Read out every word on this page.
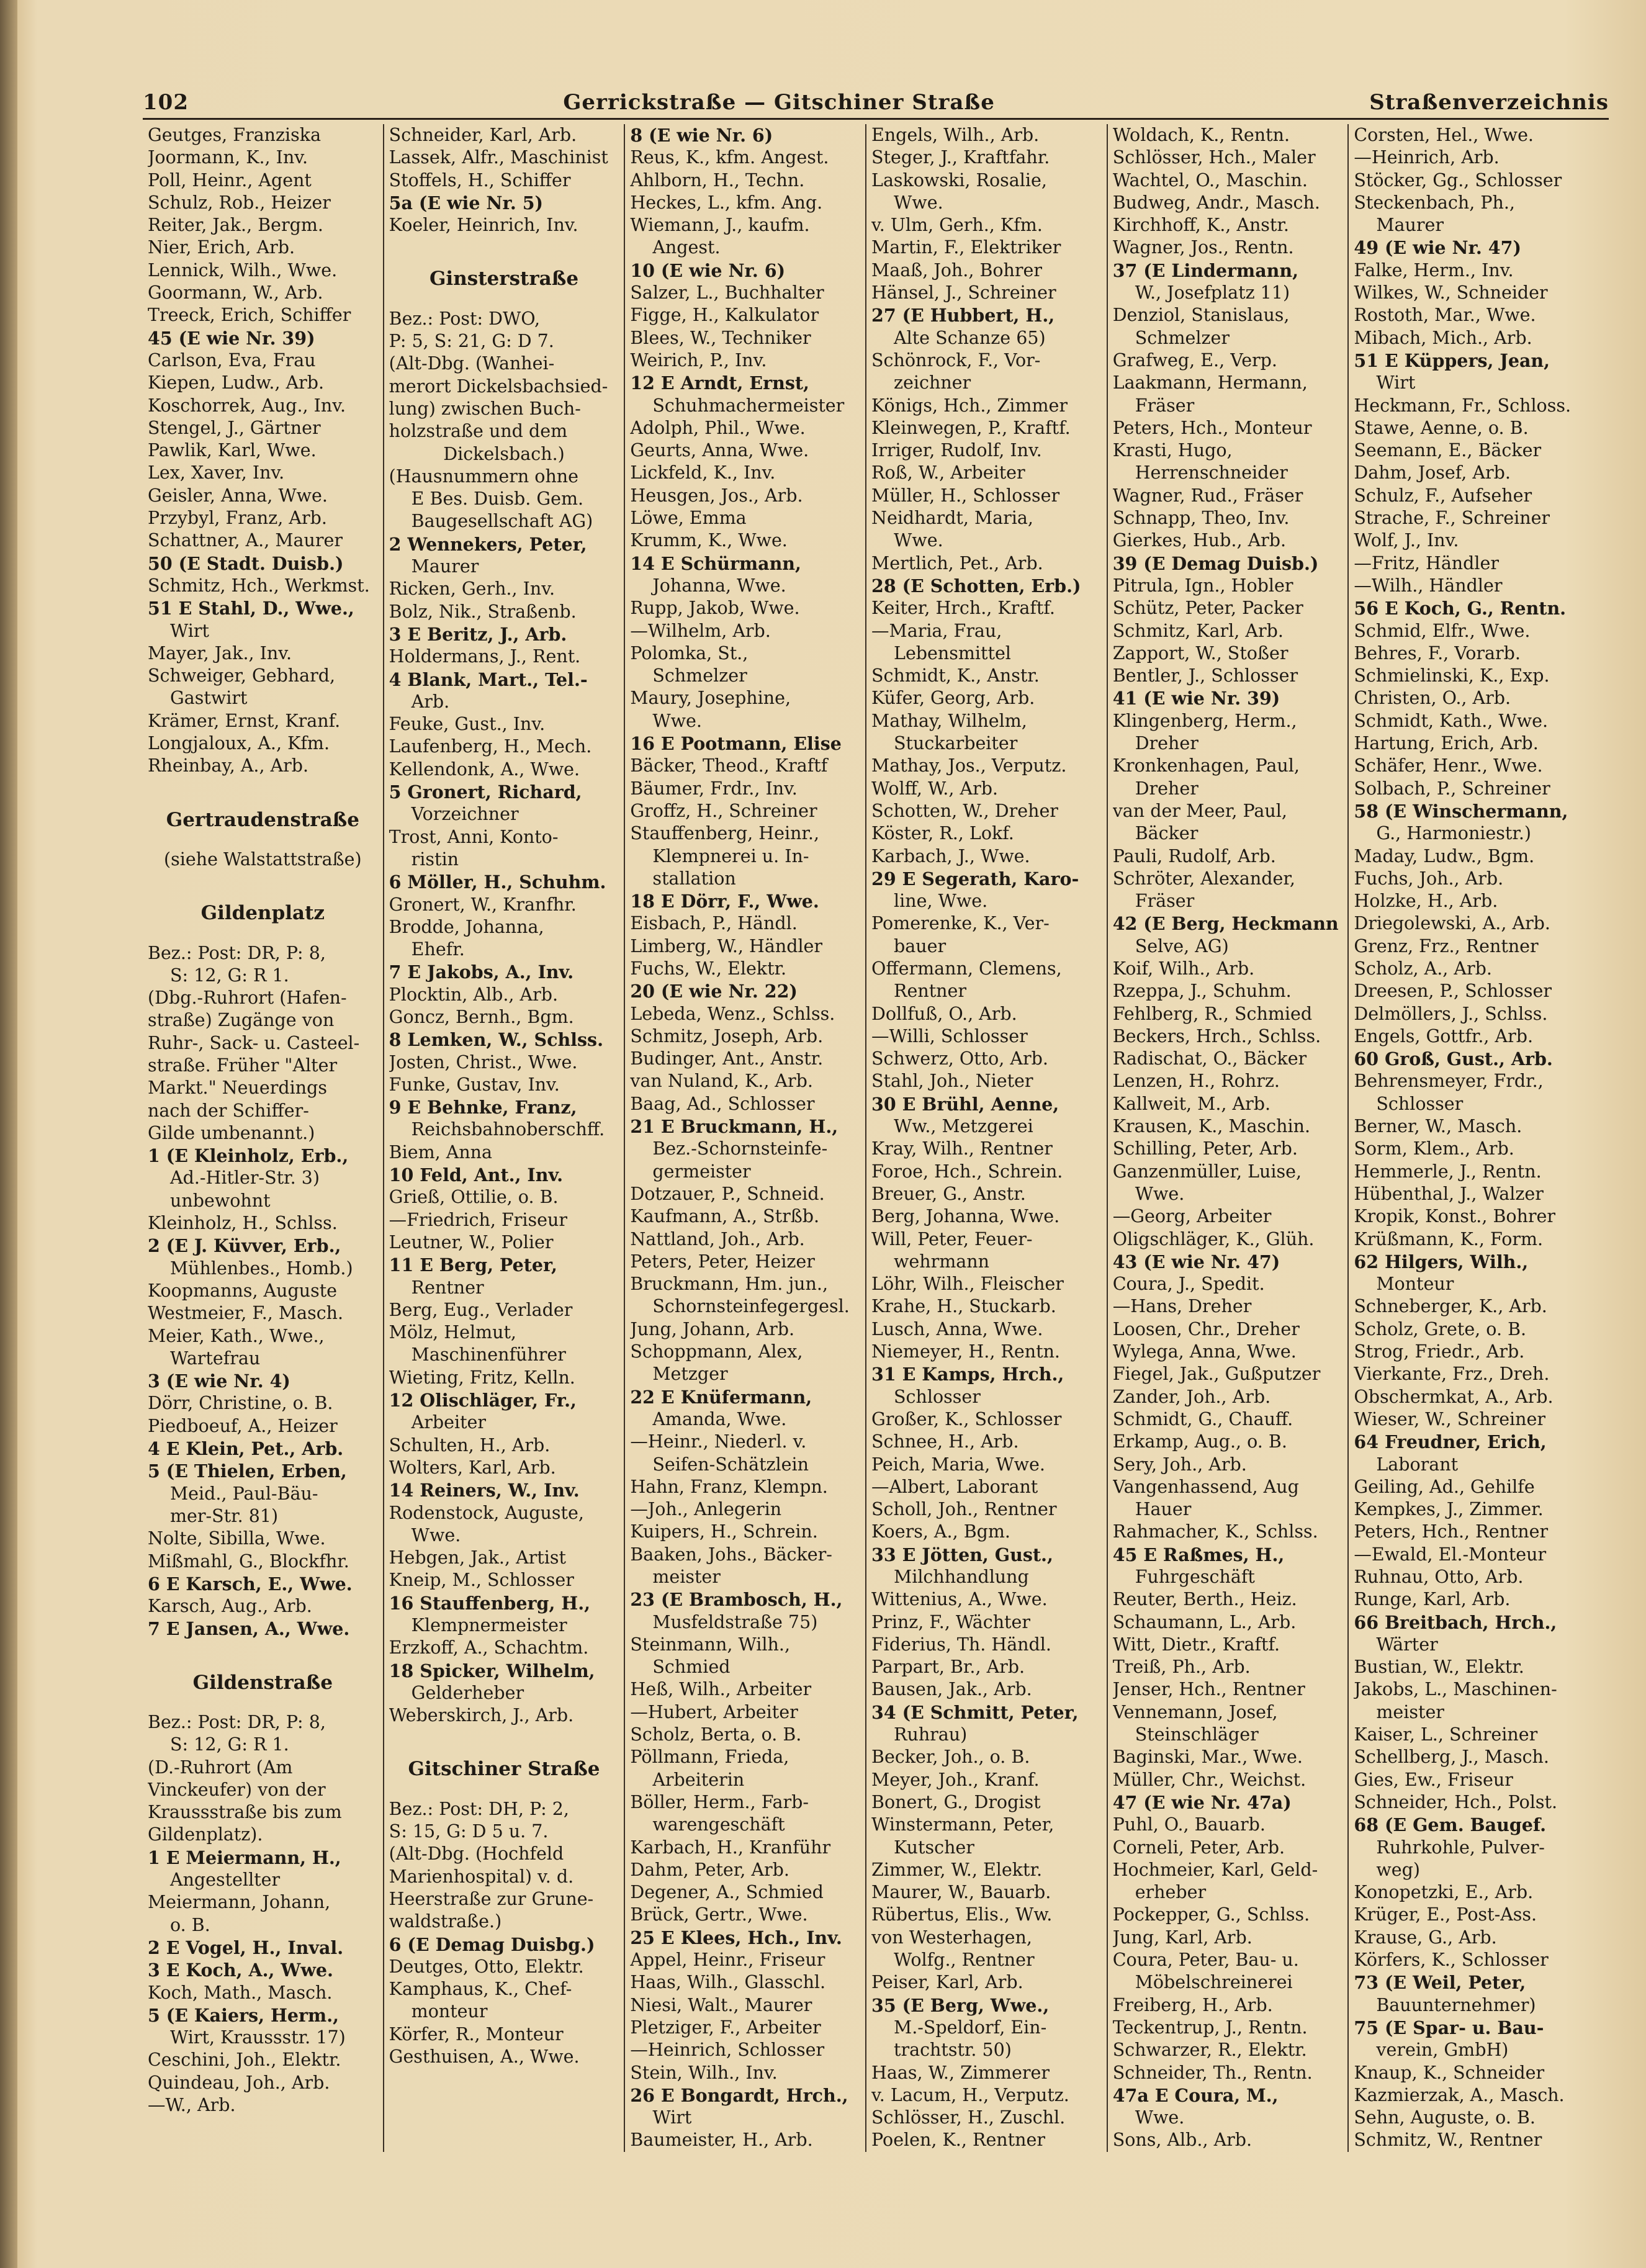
102	Gerrickstraße — Gitschiner Straße	Straßenverzeichnis
Geutges, Franziska
Joormann, K., Inv.
Poll, Heinr., Agent
Schulz, Rob., Heizer
Reiter, Jak., Bergm.
Nier, Erich, Arb.
Lennick, Wilh., Wwe.
Goormann, W., Arb.
Treeck, Erich, Schiffer
45 (E wie Nr. 39)
Carlson, Eva, Frau
Kiepen, Ludw., Arb.
Koschorrek, Aug., Inv.
Stengel, J., Gärtner
Pawlik, Karl, Wwe.
Lex, Xaver, Inv.
Geisler, Anna, Wwe.
Przybyl, Franz, Arb.
Schattner, A., Maurer
50 (E Stadt. Duisb.)
Schmitz, Hch., Werkmst.
51 E Stahl, D., Wwe.,
Wirt
Mayer, Jak., Inv.
Schweiger, Gebhard,
Gastwirt
Krämer, Ernst, Kranf.
Longjaloux, A., Kfm.
Rheinbay, A., Arb.
Gertraudenstraße
(siehe Walstattstraße)
Gildenplatz
Bez.: Post: DR, P: 8,
S: 12, G: R 1.
(Dbg.-Ruhrort (Hafen-
straße) Zugänge von
Ruhr-, Sack- u. Casteel-
straße. Früher "Alter
Markt." Neuerdings
nach der Schiffer-
Gilde umbenannt.)
1 (E Kleinholz, Erb.,
Ad.-Hitler-Str. 3)
unbewohnt
Kleinholz, H., Schlss.
2 (E J. Küvver, Erb.,
Mühlenbes., Homb.)
Koopmanns, Auguste
Westmeier, F., Masch.
Meier, Kath., Wwe.,
Wartefrau
3 (E wie Nr. 4)
Dörr, Christine, o. B.
Piedboeuf, A., Heizer
4 E Klein, Pet., Arb.
5 (E Thielen, Erben,
Meid., Paul-Bäu-
mer-Str. 81)
Nolte, Sibilla, Wwe.
Mißmahl, G., Blockfhr.
6 E Karsch, E., Wwe.
Karsch, Aug., Arb.
7 E Jansen, A., Wwe.
Gildenstraße
Bez.: Post: DR, P: 8,
S: 12, G: R 1.
(D.-Ruhrort (Am
Vinckeufer) von der
Kraussstraße bis zum
Gildenplatz).
1 E Meiermann, H.,
Angestellter
Meiermann, Johann,
o. B.
2 E Vogel, H., Inval.
3 E Koch, A., Wwe.
Koch, Math., Masch.
5 (E Kaiers, Herm.,
Wirt, Kraussstr. 17)
Ceschini, Joh., Elektr.
Quindeau, Joh., Arb.
—W., Arb.
Schneider, Karl, Arb.
Lassek, Alfr., Maschinist
Stoffels, H., Schiffer
5a (E wie Nr. 5)
Koeler, Heinrich, Inv.
Ginsterstraße
Bez.: Post: DWO,
P: 5, S: 21, G: D 7.
(Alt-Dbg. (Wanhei-
merort Dickelsbachsied-
lung) zwischen Buch-
holzstraße und dem
Dickelsbach.)
(Hausnummern ohne
E Bes. Duisb. Gem.
Baugesellschaft AG)
2 Wennekers, Peter,
Maurer
Ricken, Gerh., Inv.
Bolz, Nik., Straßenb.
3 E Beritz, J., Arb.
Holdermans, J., Rent.
4 Blank, Mart., Tel.-
Arb.
Feuke, Gust., Inv.
Laufenberg, H., Mech.
Kellendonk, A., Wwe.
5 Gronert, Richard,
Vorzeichner
Trost, Anni, Konto-
ristin
6 Möller, H., Schuhm.
Gronert, W., Kranfhr.
Brodde, Johanna,
Ehefr.
7 E Jakobs, A., Inv.
Plocktin, Alb., Arb.
Goncz, Bernh., Bgm.
8 Lemken, W., Schlss.
Josten, Christ., Wwe.
Funke, Gustav, Inv.
9 E Behnke, Franz,
Reichsbahnoberschff.
Biem, Anna
10 Feld, Ant., Inv.
Grieß, Ottilie, o. B.
—Friedrich, Friseur
Leutner, W., Polier
11 E Berg, Peter,
Rentner
Berg, Eug., Verlader
Mölz, Helmut,
Maschinenführer
Wieting, Fritz, Kelln.
12 Olischläger, Fr.,
Arbeiter
Schulten, H., Arb.
Wolters, Karl, Arb.
14 Reiners, W., Inv.
Rodenstock, Auguste,
Wwe.
Hebgen, Jak., Artist
Kneip, M., Schlosser
16 Stauffenberg, H.,
Klempnermeister
Erzkoff, A., Schachtm.
18 Spicker, Wilhelm,
Gelderheber
Weberskirch, J., Arb.
Gitschiner Straße
Bez.: Post: DH, P: 2,
S: 15, G: D 5 u. 7.
(Alt-Dbg. (Hochfeld
Marienhospital) v. d.
Heerstraße zur Grune-
waldstraße.)
6 (E Demag Duisbg.)
Deutges, Otto, Elektr.
Kamphaus, K., Chef-
monteur
Körfer, R., Monteur
Gesthuisen, A., Wwe.
8 (E wie Nr. 6)
Reus, K., kfm. Angest.
Ahlborn, H., Techn.
Heckes, L., kfm. Ang.
Wiemann, J., kaufm.
Angest.
10 (E wie Nr. 6)
Salzer, L., Buchhalter
Figge, H., Kalkulator
Blees, W., Techniker
Weirich, P., Inv.
12 E Arndt, Ernst,
Schuhmachermeister
Adolph, Phil., Wwe.
Geurts, Anna, Wwe.
Lickfeld, K., Inv.
Heusgen, Jos., Arb.
Löwe, Emma
Krumm, K., Wwe.
14 E Schürmann,
Johanna, Wwe.
Rupp, Jakob, Wwe.
—Wilhelm, Arb.
Polomka, St.,
Schmelzer
Maury, Josephine,
Wwe.
16 E Pootmann, Elise
Bäcker, Theod., Kraftf
Bäumer, Frdr., Inv.
Groffz, H., Schreiner
Stauffenberg, Heinr.,
Klempnerei u. In-
stallation
18 E Dörr, F., Wwe.
Eisbach, P., Händl.
Limberg, W., Händler
Fuchs, W., Elektr.
20 (E wie Nr. 22)
Lebeda, Wenz., Schlss.
Schmitz, Joseph, Arb.
Budinger, Ant., Anstr.
van Nuland, K., Arb.
Baag, Ad., Schlosser
21 E Bruckmann, H.,
Bez.-Schornsteinfe-
germeister
Dotzauer, P., Schneid.
Kaufmann, A., Strßb.
Nattland, Joh., Arb.
Peters, Peter, Heizer
Bruckmann, Hm. jun.,
Schornsteinfegergesl.
Jung, Johann, Arb.
Schoppmann, Alex,
Metzger
22 E Knüfermann,
Amanda, Wwe.
—Heinr., Niederl. v.
Seifen-Schätzlein
Hahn, Franz, Klempn.
—Joh., Anlegerin
Kuipers, H., Schrein.
Baaken, Johs., Bäcker-
meister
23 (E Brambosch, H.,
Musfeldstraße 75)
Steinmann, Wilh.,
Schmied
Heß, Wilh., Arbeiter
—Hubert, Arbeiter
Scholz, Berta, o. B.
Pöllmann, Frieda,
Arbeiterin
Böller, Herm., Farb-
warengeschäft
Karbach, H., Kranführ
Dahm, Peter, Arb.
Degener, A., Schmied
Brück, Gertr., Wwe.
25 E Klees, Hch., Inv.
Appel, Heinr., Friseur
Haas, Wilh., Glasschl.
Niesi, Walt., Maurer
Pletziger, F., Arbeiter
—Heinrich, Schlosser
Stein, Wilh., Inv.
26 E Bongardt, Hrch.,
Wirt
Baumeister, H., Arb.
Engels, Wilh., Arb.
Steger, J., Kraftfahr.
Laskowski, Rosalie,
Wwe.
v. Ulm, Gerh., Kfm.
Martin, F., Elektriker
Maaß, Joh., Bohrer
Hänsel, J., Schreiner
27 (E Hubbert, H.,
Alte Schanze 65)
Schönrock, F., Vor-
zeichner
Königs, Hch., Zimmer
Kleinwegen, P., Kraftf.
Irriger, Rudolf, Inv.
Roß, W., Arbeiter
Müller, H., Schlosser
Neidhardt, Maria,
Wwe.
Mertlich, Pet., Arb.
28 (E Schotten, Erb.)
Keiter, Hrch., Kraftf.
—Maria, Frau,
Lebensmittel
Schmidt, K., Anstr.
Küfer, Georg, Arb.
Mathay, Wilhelm,
Stuckarbeiter
Mathay, Jos., Verputz.
Wolff, W., Arb.
Schotten, W., Dreher
Köster, R., Lokf.
Karbach, J., Wwe.
29 E Segerath, Karo-
line, Wwe.
Pomerenke, K., Ver-
bauer
Offermann, Clemens,
Rentner
Dollfuß, O., Arb.
—Willi, Schlosser
Schwerz, Otto, Arb.
Stahl, Joh., Nieter
30 E Brühl, Aenne,
Ww., Metzgerei
Kray, Wilh., Rentner
Foroe, Hch., Schrein.
Breuer, G., Anstr.
Berg, Johanna, Wwe.
Will, Peter, Feuer-
wehrmann
Löhr, Wilh., Fleischer
Krahe, H., Stuckarb.
Lusch, Anna, Wwe.
Niemeyer, H., Rentn.
31 E Kamps, Hrch.,
Schlosser
Großer, K., Schlosser
Schnee, H., Arb.
Peich, Maria, Wwe.
—Albert, Laborant
Scholl, Joh., Rentner
Koers, A., Bgm.
33 E Jötten, Gust.,
Milchhandlung
Wittenius, A., Wwe.
Prinz, F., Wächter
Fiderius, Th. Händl.
Parpart, Br., Arb.
Bausen, Jak., Arb.
34 (E Schmitt, Peter,
Ruhrau)
Becker, Joh., o. B.
Meyer, Joh., Kranf.
Bonert, G., Drogist
Winstermann, Peter,
Kutscher
Zimmer, W., Elektr.
Maurer, W., Bauarb.
Rübertus, Elis., Ww.
von Westerhagen,
Wolfg., Rentner
Peiser, Karl, Arb.
35 (E Berg, Wwe.,
M.-Speldorf, Ein-
trachtstr. 50)
Haas, W., Zimmerer
v. Lacum, H., Verputz.
Schlösser, H., Zuschl.
Poelen, K., Rentner
Woldach, K., Rentn.
Schlösser, Hch., Maler
Wachtel, O., Maschin.
Budweg, Andr., Masch.
Kirchhoff, K., Anstr.
Wagner, Jos., Rentn.
37 (E Lindermann,
W., Josefplatz 11)
Denziol, Stanislaus,
Schmelzer
Grafweg, E., Verp.
Laakmann, Hermann,
Fräser
Peters, Hch., Monteur
Krasti, Hugo,
Herrenschneider
Wagner, Rud., Fräser
Schnapp, Theo, Inv.
Gierkes, Hub., Arb.
39 (E Demag Duisb.)
Pitrula, Ign., Hobler
Schütz, Peter, Packer
Schmitz, Karl, Arb.
Zapport, W., Stoßer
Bentler, J., Schlosser
41 (E wie Nr. 39)
Klingenberg, Herm.,
Dreher
Kronkenhagen, Paul,
Dreher
van der Meer, Paul,
Bäcker
Pauli, Rudolf, Arb.
Schröter, Alexander,
Fräser
42 (E Berg, Heckmann
Selve, AG)
Koif, Wilh., Arb.
Rzeppa, J., Schuhm.
Fehlberg, R., Schmied
Beckers, Hrch., Schlss.
Radischat, O., Bäcker
Lenzen, H., Rohrz.
Kallweit, M., Arb.
Krausen, K., Maschin.
Schilling, Peter, Arb.
Ganzenmüller, Luise,
Wwe.
—Georg, Arbeiter
Oligschläger, K., Glüh.
43 (E wie Nr. 47)
Coura, J., Spedit.
—Hans, Dreher
Loosen, Chr., Dreher
Wylega, Anna, Wwe.
Fiegel, Jak., Gußputzer
Zander, Joh., Arb.
Schmidt, G., Chauff.
Erkamp, Aug., o. B.
Sery, Joh., Arb.
Vangenhassend, Aug
Hauer
Rahmacher, K., Schlss.
45 E Raßmes, H.,
Fuhrgeschäft
Reuter, Berth., Heiz.
Schaumann, L., Arb.
Witt, Dietr., Kraftf.
Treiß, Ph., Arb.
Jenser, Hch., Rentner
Vennemann, Josef,
Steinschläger
Baginski, Mar., Wwe.
Müller, Chr., Weichst.
47 (E wie Nr. 47a)
Puhl, O., Bauarb.
Corneli, Peter, Arb.
Hochmeier, Karl, Geld-
erheber
Pockepper, G., Schlss.
Jung, Karl, Arb.
Coura, Peter, Bau- u.
Möbelschreinerei
Freiberg, H., Arb.
Teckentrup, J., Rentn.
Schwarzer, R., Elektr.
Schneider, Th., Rentn.
47a E Coura, M.,
Wwe.
Sons, Alb., Arb.
Corsten, Hel., Wwe.
—Heinrich, Arb.
Stöcker, Gg., Schlosser
Steckenbach, Ph.,
Maurer
49 (E wie Nr. 47)
Falke, Herm., Inv.
Wilkes, W., Schneider
Rostoth, Mar., Wwe.
Mibach, Mich., Arb.
51 E Küppers, Jean,
Wirt
Heckmann, Fr., Schloss.
Stawe, Aenne, o. B.
Seemann, E., Bäcker
Dahm, Josef, Arb.
Schulz, F., Aufseher
Strache, F., Schreiner
Wolf, J., Inv.
—Fritz, Händler
—Wilh., Händler
56 E Koch, G., Rentn.
Schmid, Elfr., Wwe.
Behres, F., Vorarb.
Schmielinski, K., Exp.
Christen, O., Arb.
Schmidt, Kath., Wwe.
Hartung, Erich, Arb.
Schäfer, Henr., Wwe.
Solbach, P., Schreiner
58 (E Winschermann,
G., Harmoniestr.)
Maday, Ludw., Bgm.
Fuchs, Joh., Arb.
Holzke, H., Arb.
Driegolewski, A., Arb.
Grenz, Frz., Rentner
Scholz, A., Arb.
Dreesen, P., Schlosser
Delmöllers, J., Schlss.
Engels, Gottfr., Arb.
60 Groß, Gust., Arb.
Behrensmeyer, Frdr.,
Schlosser
Berner, W., Masch.
Sorm, Klem., Arb.
Hemmerle, J., Rentn.
Hübenthal, J., Walzer
Kropik, Konst., Bohrer
Krüßmann, K., Form.
62 Hilgers, Wilh.,
Monteur
Schneberger, K., Arb.
Scholz, Grete, o. B.
Strog, Friedr., Arb.
Vierkante, Frz., Dreh.
Obschermkat, A., Arb.
Wieser, W., Schreiner
64 Freudner, Erich,
Laborant
Geiling, Ad., Gehilfe
Kempkes, J., Zimmer.
Peters, Hch., Rentner
—Ewald, El.-Monteur
Ruhnau, Otto, Arb.
Runge, Karl, Arb.
66 Breitbach, Hrch.,
Wärter
Bustian, W., Elektr.
Jakobs, L., Maschinen-
meister
Kaiser, L., Schreiner
Schellberg, J., Masch.
Gies, Ew., Friseur
Schneider, Hch., Polst.
68 (E Gem. Baugef.
Ruhrkohle, Pulver-
weg)
Konopetzki, E., Arb.
Krüger, E., Post-Ass.
Krause, G., Arb.
Körfers, K., Schlosser
73 (E Weil, Peter,
Bauunternehmer)
75 (E Spar- u. Bau-
verein, GmbH)
Knaup, K., Schneider
Kazmierzak, A., Masch.
Sehn, Auguste, o. B.
Schmitz, W., Rentner
